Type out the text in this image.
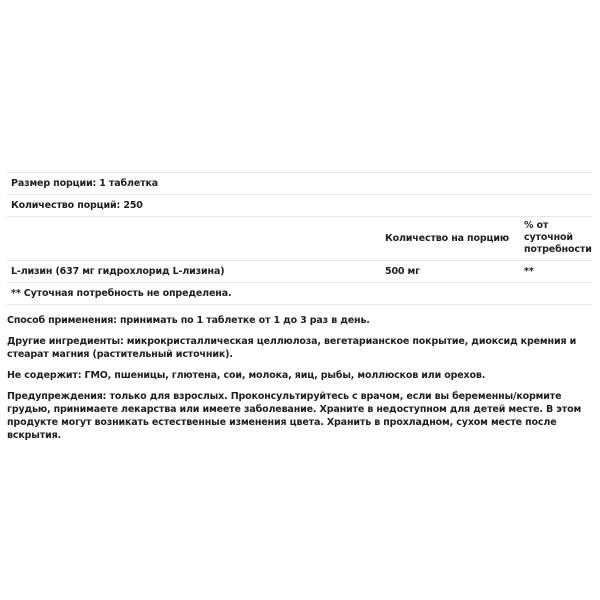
Размер порции: 1 таблетка
Количество порций: 250
Количество на порцию
% от суточной потребности
L-лизин (637 мг гидрохлорид L-лизина)	500 мг	**
** Суточная потребность не определена.

Способ применения: принимать по 1 таблетке от 1 до 3 раз в день.

Другие ингредиенты: микрокристаллическая целлюлоза, вегетарианское покрытие, диоксид кремния и стеарат магния (растительный источник).

Не содержит: ГМО, пшеницы, глютена, сои, молока, яиц, рыбы, моллюсков или орехов.

Предупреждения: только для взрослых. Проконсультируйтесь с врачом, если вы беременны/кормите грудью, принимаете лекарства или имеете заболевание. Храните в недоступном для детей месте. В этом продукте могут возникать естественные изменения цвета. Хранить в прохладном, сухом месте после вскрытия.
